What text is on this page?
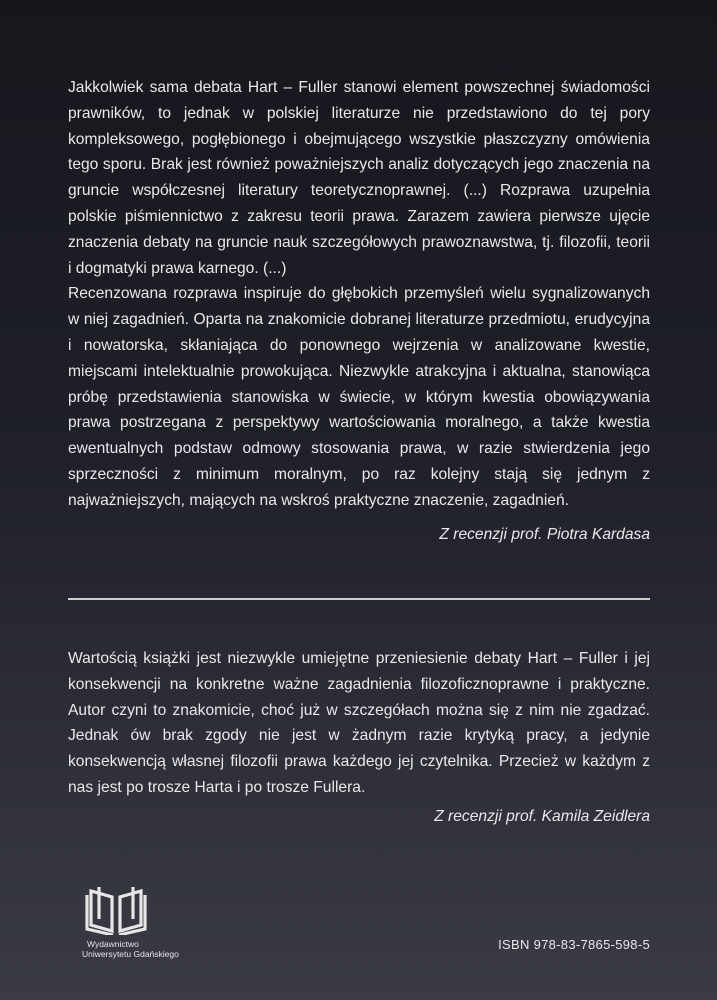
Jakkolwiek sama debata Hart – Fuller stanowi element powszechnej świadomości prawników, to jednak w polskiej literaturze nie przedstawiono do tej pory kompleksowego, pogłębionego i obejmującego wszystkie płaszczyzny omówienia tego sporu. Brak jest również poważniejszych analiz dotyczących jego znaczenia na gruncie współczesnej literatury teoretycznoprawnej. (...) Rozprawa uzupełnia polskie piśmiennictwo z zakresu teorii prawa. Zarazem zawiera pierwsze ujęcie znaczenia debaty na gruncie nauk szczegółowych prawoznawstwa, tj. filozofii, teorii i dogmatyki prawa karnego. (...)

Recenzowana rozprawa inspiruje do głębokich przemyśleń wielu sygnalizowanych w niej zagadnień. Oparta na znakomicie dobranej literaturze przedmiotu, erudycyjna i nowatorska, skłaniająca do ponownego wejrzenia w analizowane kwestie, miejscami intelektualnie prowokująca. Niezwykle atrakcyjna i aktualna, stanowiąca próbę przedstawienia stanowiska w świecie, w którym kwestia obowiązywania prawa postrzegana z perspektywy wartościowania moralnego, a także kwestia ewentualnych podstaw odmowy stosowania prawa, w razie stwierdzenia jego sprzeczności z minimum moralnym, po raz kolejny stają się jednym z najważniejszych, mających na wskroś praktyczne znaczenie, zagadnień.

Z recenzji prof. Piotra Kardasa

Wartością książki jest niezwykle umiejętne przeniesienie debaty Hart – Fuller i jej konsekwencji na konkretne ważne zagadnienia filozoficznoprawne i praktyczne. Autor czyni to znakomicie, choć już w szczegółach można się z nim nie zgadzać. Jednak ów brak zgody nie jest w żadnym razie krytyką pracy, a jedynie konsekwencją własnej filozofii prawa każdego jej czytelnika. Przecież w każdym z nas jest po trosze Harta i po trosze Fullera.

Z recenzji prof. Kamila Zeidlera

Wydawnictwo
Uniwersytetu Gdańskiego
ISBN 978-83-7865-598-5
